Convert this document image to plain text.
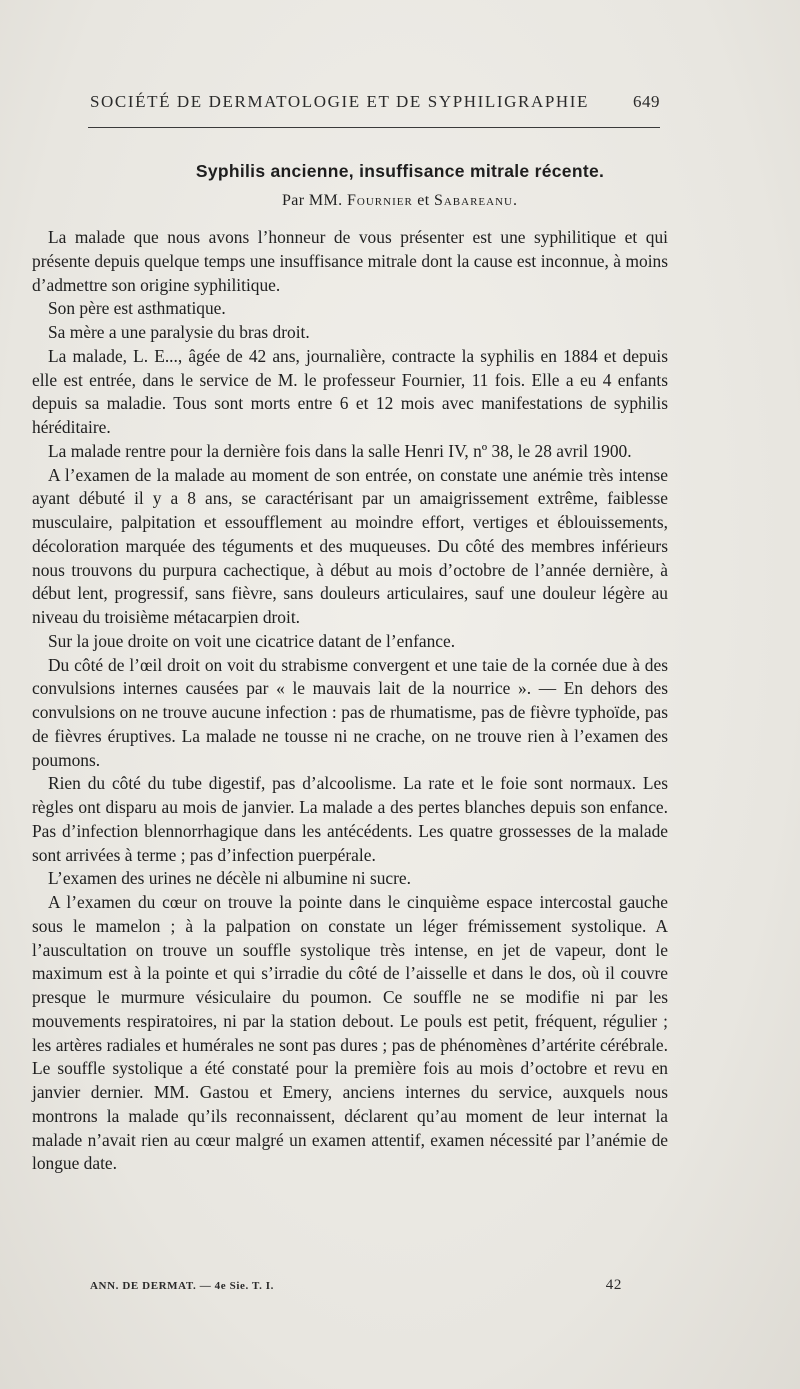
SOCIÉTÉ DE DERMATOLOGIE ET DE SYPHILIGRAPHIE	649
Syphilis ancienne, insuffisance mitrale récente.
Par MM. Fournier et Sabareanu.

La malade que nous avons l’honneur de vous présenter est une syphilitique et qui présente depuis quelque temps une insuffisance mitrale dont la cause est inconnue, à moins d’admettre son origine syphilitique.

Son père est asthmatique.

Sa mère a une paralysie du bras droit.

La malade, L. E..., âgée de 42 ans, journalière, contracte la syphilis en 1884 et depuis elle est entrée, dans le service de M. le professeur Fournier, 11 fois. Elle a eu 4 enfants depuis sa maladie. Tous sont morts entre 6 et 12 mois avec manifestations de syphilis héréditaire.

La malade rentre pour la dernière fois dans la salle Henri IV, nº 38, le 28 avril 1900.

A l’examen de la malade au moment de son entrée, on constate une anémie très intense ayant débuté il y a 8 ans, se caractérisant par un amaigrissement extrême, faiblesse musculaire, palpitation et essoufflement au moindre effort, vertiges et éblouissements, décoloration marquée des téguments et des muqueuses. Du côté des membres inférieurs nous trouvons du purpura cachectique, à début au mois d’octobre de l’année dernière, à début lent, progressif, sans fièvre, sans douleurs articulaires, sauf une douleur légère au niveau du troisième métacarpien droit.

Sur la joue droite on voit une cicatrice datant de l’enfance.

Du côté de l’œil droit on voit du strabisme convergent et une taie de la cornée due à des convulsions internes causées par « le mauvais lait de la nourrice ». — En dehors des convulsions on ne trouve aucune infection : pas de rhumatisme, pas de fièvre typhoïde, pas de fièvres éruptives. La malade ne tousse ni ne crache, on ne trouve rien à l’examen des poumons.

Rien du côté du tube digestif, pas d’alcoolisme. La rate et le foie sont normaux. Les règles ont disparu au mois de janvier. La malade a des pertes blanches depuis son enfance. Pas d’infection blennorrhagique dans les antécédents. Les quatre grossesses de la malade sont arrivées à terme ; pas d’infection puerpérale.

L’examen des urines ne décèle ni albumine ni sucre.

A l’examen du cœur on trouve la pointe dans le cinquième espace intercostal gauche sous le mamelon ; à la palpation on constate un léger frémissement systolique. A l’auscultation on trouve un souffle systolique très intense, en jet de vapeur, dont le maximum est à la pointe et qui s’irradie du côté de l’aisselle et dans le dos, où il couvre presque le murmure vésiculaire du poumon. Ce souffle ne se modifie ni par les mouvements respiratoires, ni par la station debout. Le pouls est petit, fréquent, régulier ; les artères radiales et humérales ne sont pas dures ; pas de phénomènes d’artérite cérébrale. Le souffle systolique a été constaté pour la première fois au mois d’octobre et revu en janvier dernier. MM. Gastou et Emery, anciens internes du service, auxquels nous montrons la malade qu’ils reconnaissent, déclarent qu’au moment de leur internat la malade n’avait rien au cœur malgré un examen attentif, examen nécessité par l’anémie de longue date.

ANN. DE DERMAT. — 4e Sie. T. I.	42
